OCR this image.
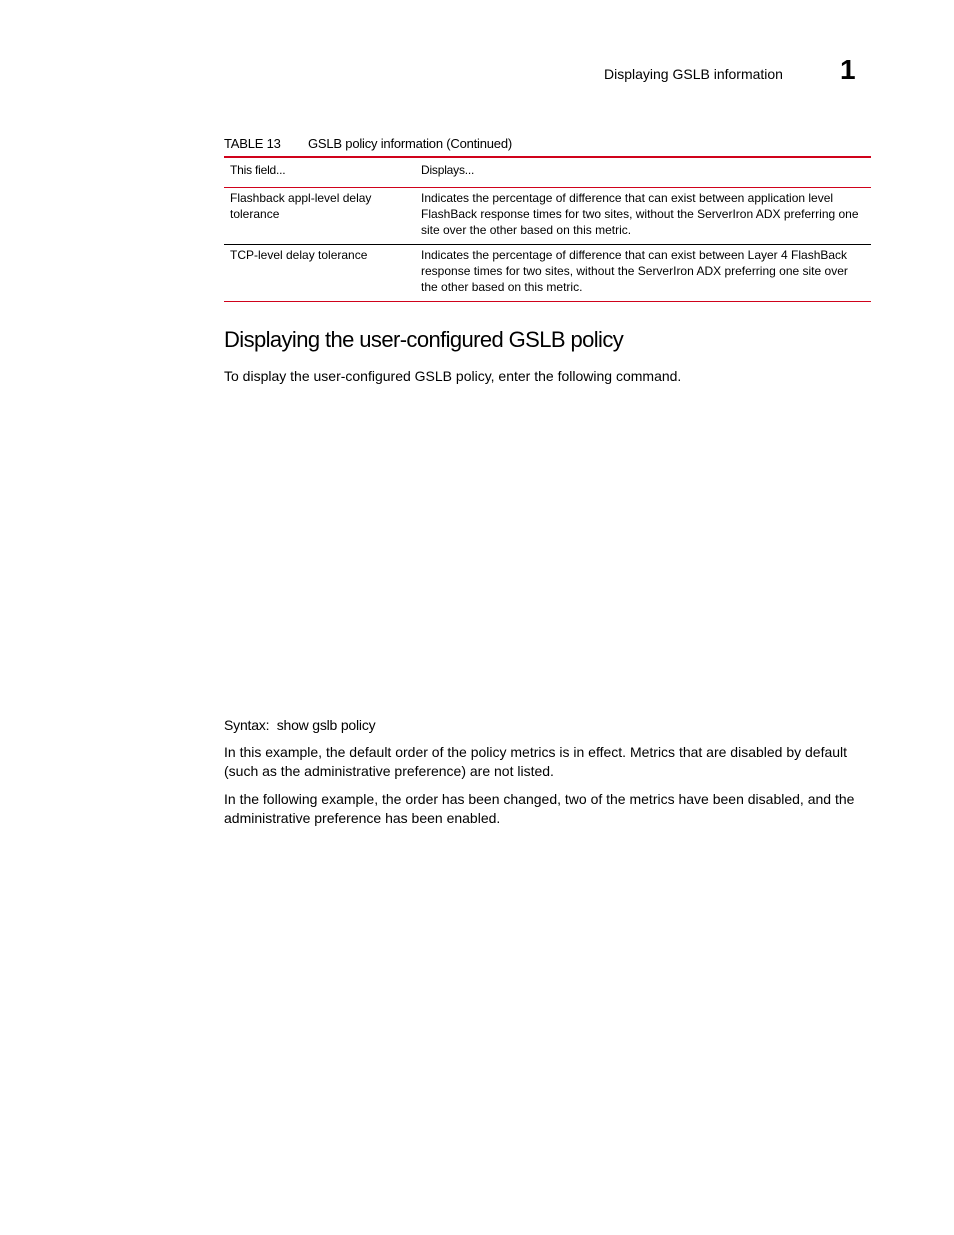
Displaying GSLB information 1
TABLE 13 GSLB policy information (Continued)
This field...	Displays...
Flashback appl-level delay tolerance	Indicates the percentage of difference that can exist between application level FlashBack response times for two sites, without the ServerIron ADX preferring one site over the other based on this metric.
TCP-level delay tolerance	Indicates the percentage of difference that can exist between Layer 4 FlashBack response times for two sites, without the ServerIron ADX preferring one site over the other based on this metric.
Displaying the user-configured GSLB policy

To display the user-configured GSLB policy, enter the following command.

Syntax: show gslb policy

In this example, the default order of the policy metrics is in effect. Metrics that are disabled by default (such as the administrative preference) are not listed.

In the following example, the order has been changed, two of the metrics have been disabled, and the administrative preference has been enabled.
